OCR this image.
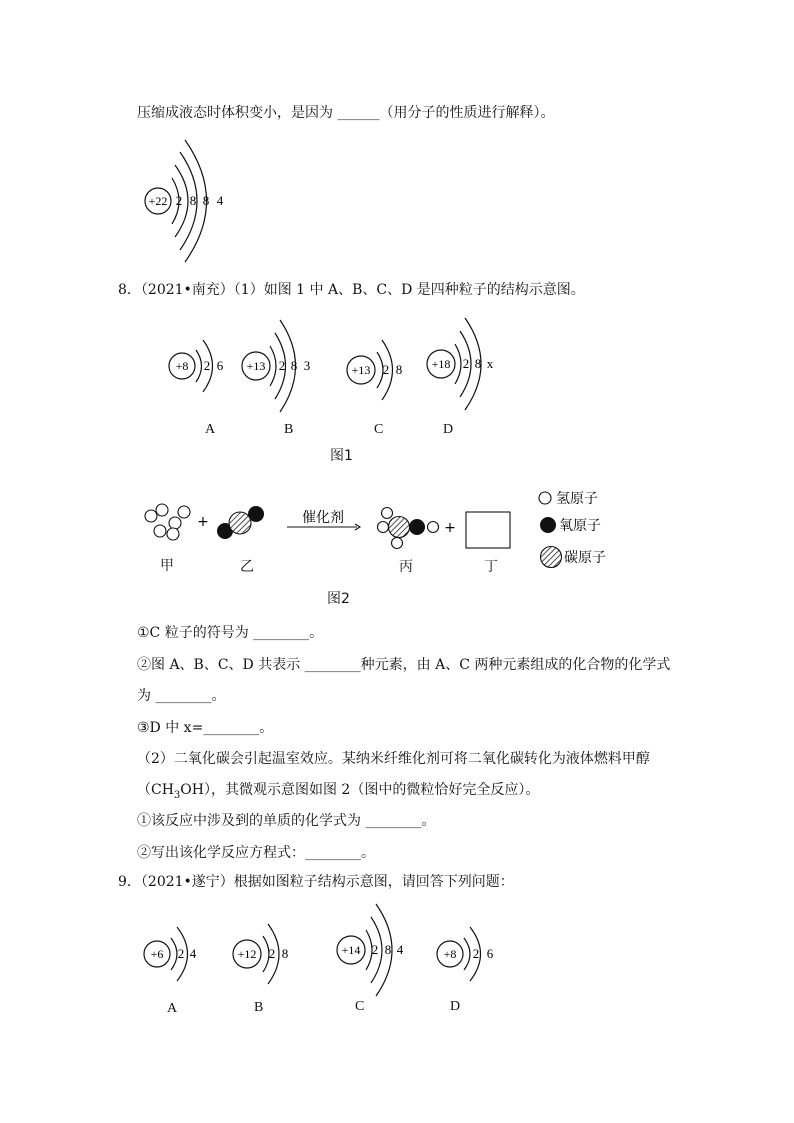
压缩成液态时体积变小，是因为 ______（用分子的性质进行解释）。
+22 2 8 8 4
8．（2021•南充）（1）如图 1 中 A、B、C、D 是四种粒子的结构示意图。
+8 2 6 +13 2 8 3	+13 2 8 +18 2 8 x
A	B	C	D
图1
+	催化剂
+
氢原子
氧原子
碳原子
甲	乙	丙	丁
图2
①C 粒子的符号为 ________。
②图 A、B、C、D 共表示 ________种元素，由 A、C 两种元素组成的化合物的化学式
为 ________。
③D 中 x=________。
（2）二氧化碳会引起温室效应。某纳米纤维化剂可将二氧化碳转化为液体燃料甲醇
$(CH_3OH)$，其微观示意图如图 2（图中的微粒恰好完全反应）。
①该反应中涉及到的单质的化学式为 ________。
②写出该化学反应方程式：________。
9．（2021•遂宁）根据如图粒子结构示意图，请回答下列问题：
+6 2 4	+12 2 8	+14 2 8 4	+8 2 6
A	B	C	D
